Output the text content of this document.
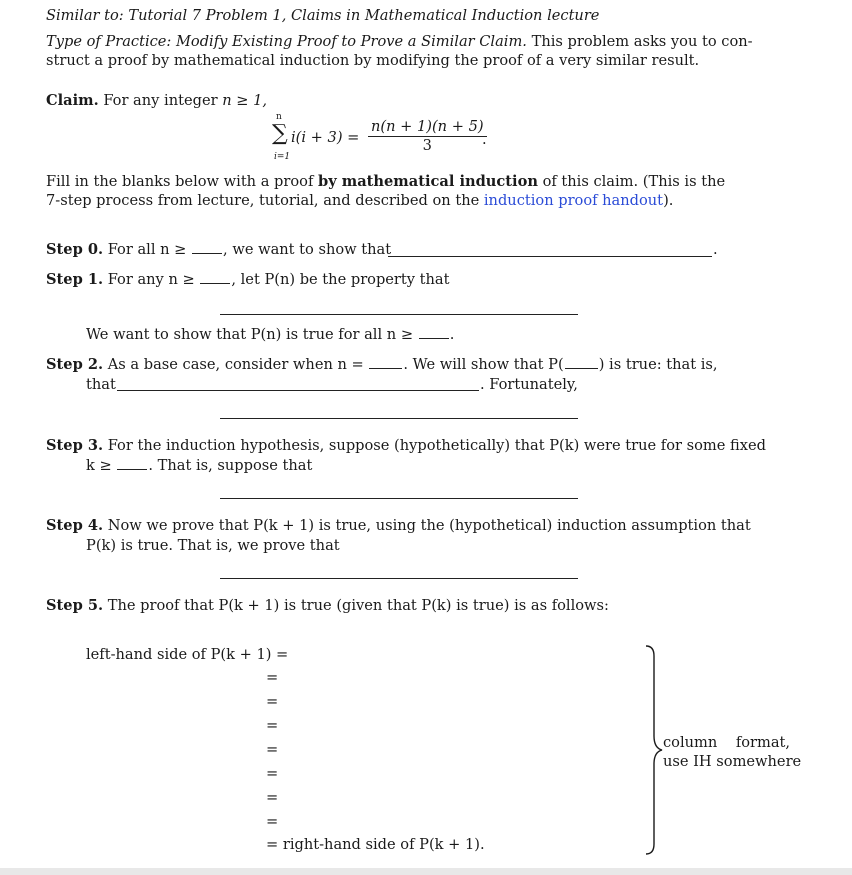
Similar to: Tutorial 7 Problem 1, Claims in Mathematical Induction lecture
Type of Practice: Modify Existing Proof to Prove a Similar Claim. This problem asks you to con-
struct a proof by mathematical induction by modifying the proof of a very similar result.
Claim. For any integer n ≥ 1,
n
∑
i=1
$i(i + 3) = \frac{n(n + 1)(n + 5)}{3}$
.
Fill in the blanks below with a proof by mathematical induction of this claim. (This is the
7-step process from lecture, tutorial, and described on the induction proof handout).
Step 0. For all n ≥ , we want to show that	.
Step 1. For any n ≥ , let P(n) be the property that
We want to show that P(n) is true for all n ≥ .
Step 2. As a base case, consider when n = . We will show that P( ) is true: that is,
that	. Fortunately,
Step 3. For the induction hypothesis, suppose (hypothetically) that P(k) were true for some fixed
k ≥ . That is, suppose that
Step 4. Now we prove that P(k + 1) is true, using the (hypothetical) induction assumption that
P(k) is true. That is, we prove that
Step 5. The proof that P(k + 1) is true (given that P(k) is true) is as follows:
left-hand side of P(k + 1) =
=
=
=
=
=
=
=
= right-hand side of P(k + 1).
column    format,
use IH somewhere
